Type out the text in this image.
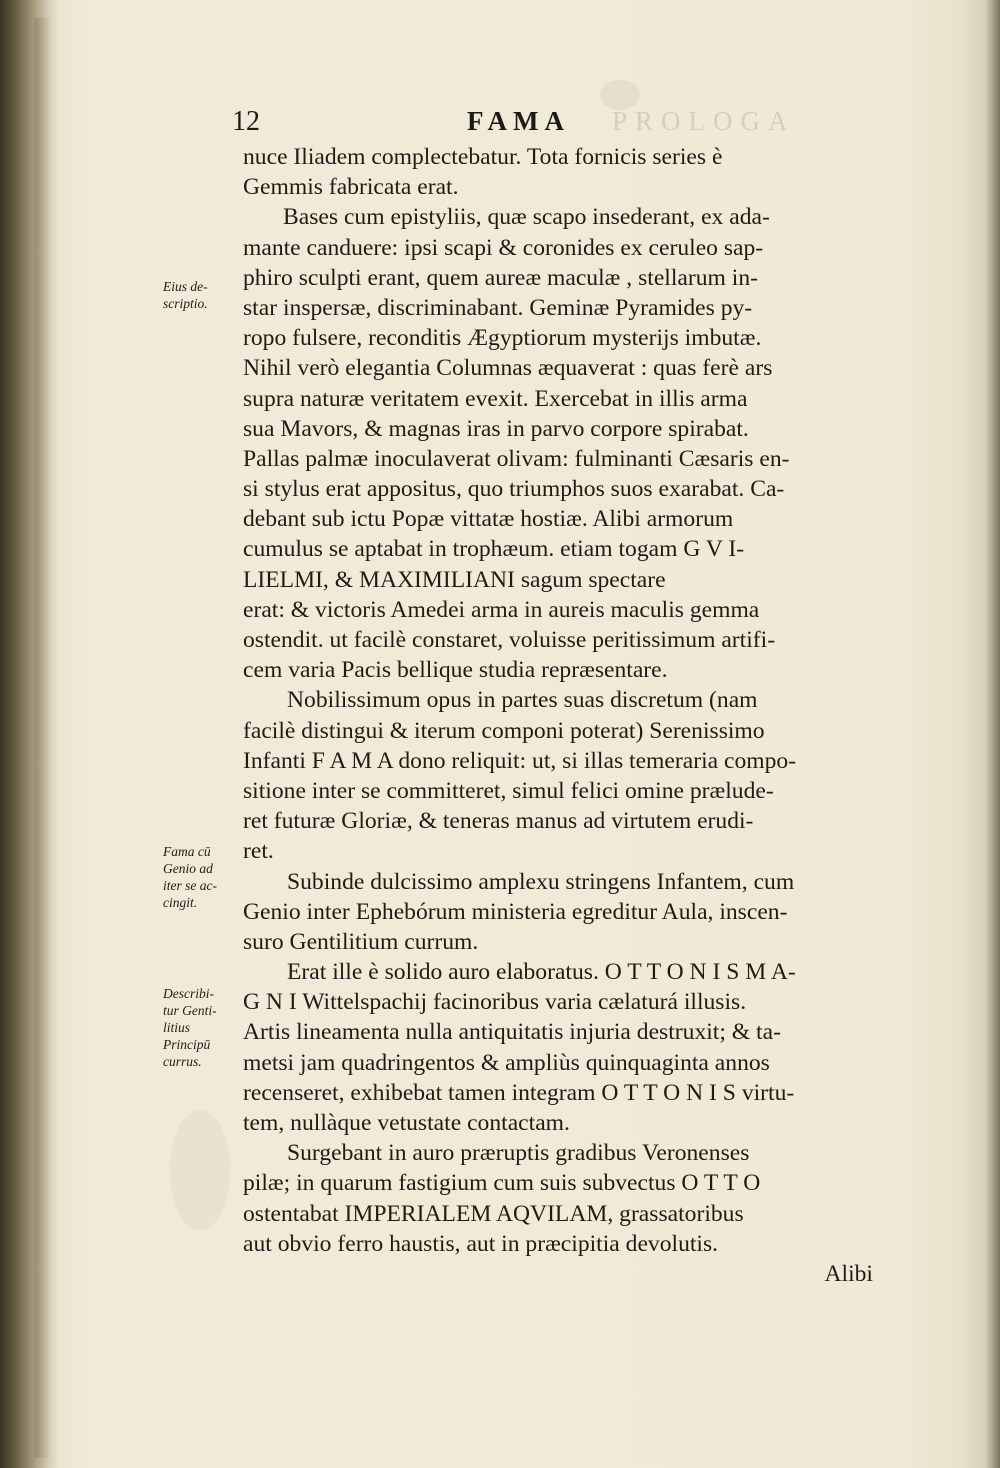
12	PROLOGA
FAMA
nuce Iliadem complectebatur. Tota fornicis series è
Gemmis fabricata erat.
Bases cum epistyliis, quæ scapo insederant, ex ada-
mante canduere: ipsi scapi & coronides ex ceruleo sap-
phiro sculpti erant, quem aureæ maculæ , stellarum in-
star inspersæ, discriminabant. Geminæ Pyramides py-
ropo fulsere, reconditis Ægyptiorum mysterijs imbutæ.
Nihil verò elegantia Columnas æquaverat : quas ferè ars
supra naturæ veritatem evexit. Exercebat in illis arma
sua Mavors, & magnas iras in parvo corpore spirabat.
Pallas palmæ inoculaverat olivam: fulminanti Cæsaris en-
si stylus erat appositus, quo triumphos suos exarabat. Ca-
debant sub ictu Popæ vittatæ hostiæ. Alibi armorum
cumulus se aptabat in trophæum. etiam togam G V I-
LIELMI, & MAXIMILIANI sagum spectare
erat: & victoris Amedei arma in aureis maculis gemma
ostendit. ut facilè constaret, voluisse peritissimum artifi-
cem varia Pacis bellique studia repræsentare.
Nobilissimum opus in partes suas discretum (nam
facilè distingui & iterum componi poterat) Serenissimo
Infanti F A M A dono reliquit: ut, si illas temeraria compo-
sitione inter se committeret, simul felici omine prælude-
ret futuræ Gloriæ, & teneras manus ad virtutem erudi-
ret.
Subinde dulcissimo amplexu stringens Infantem, cum
Genio inter Ephebórum ministeria egreditur Aula, inscen-
suro Gentilitium currum.
Erat ille è solido auro elaboratus. O T T O N I S M A-
G N I Wittelspachij facinoribus varia cælaturá illusis.
Artis lineamenta nulla antiquitatis injuria destruxit; & ta-
metsi jam quadringentos & ampliùs quinquaginta annos
recenseret, exhibebat tamen integram O T T O N I S virtu-
tem, nullàque vetustate contactam.
Surgebant in auro præruptis gradibus Veronenses
pilæ; in quarum fastigium cum suis subvectus O T T O
ostentabat IMPERIALEM AQVILAM, grassatoribus
aut obvio ferro haustis, aut in præcipitia devolutis.
Alibi
Eius de-
scriptio.
Fama cū
Genio ad
iter se ac-
cingit.
Describi-
tur Genti-
litius
Principū
currus.
